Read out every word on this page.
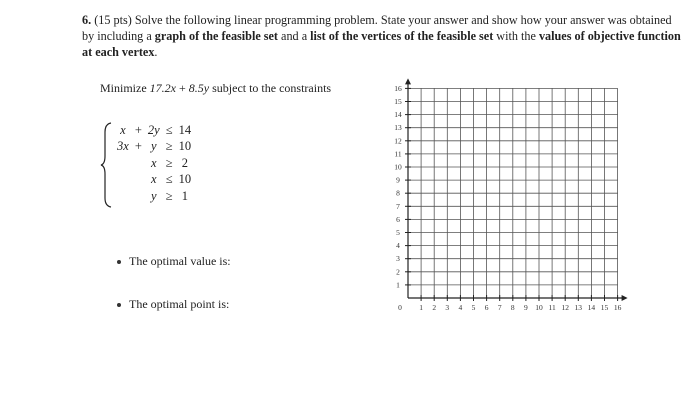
6. (15 pts) Solve the following linear programming problem. State your answer and show how your answer was obtained by including a graph of the feasible set and a list of the vertices of the feasible set with the values of objective function at each vertex.
Minimize 17.2x + 8.5y subject to the constraints
x	+	2y	≤	14
3x	+	y	≥	10
		x	≥	2
		x	≤	10
		y	≥	1
The optimal value is:
The optimal point is:	0 1 2 3 4 5 6 7 8 9 10 11 12 13 14 15 16
1
2
3
4
5
6
7
8
9
10
11
12
13
14
15
16
